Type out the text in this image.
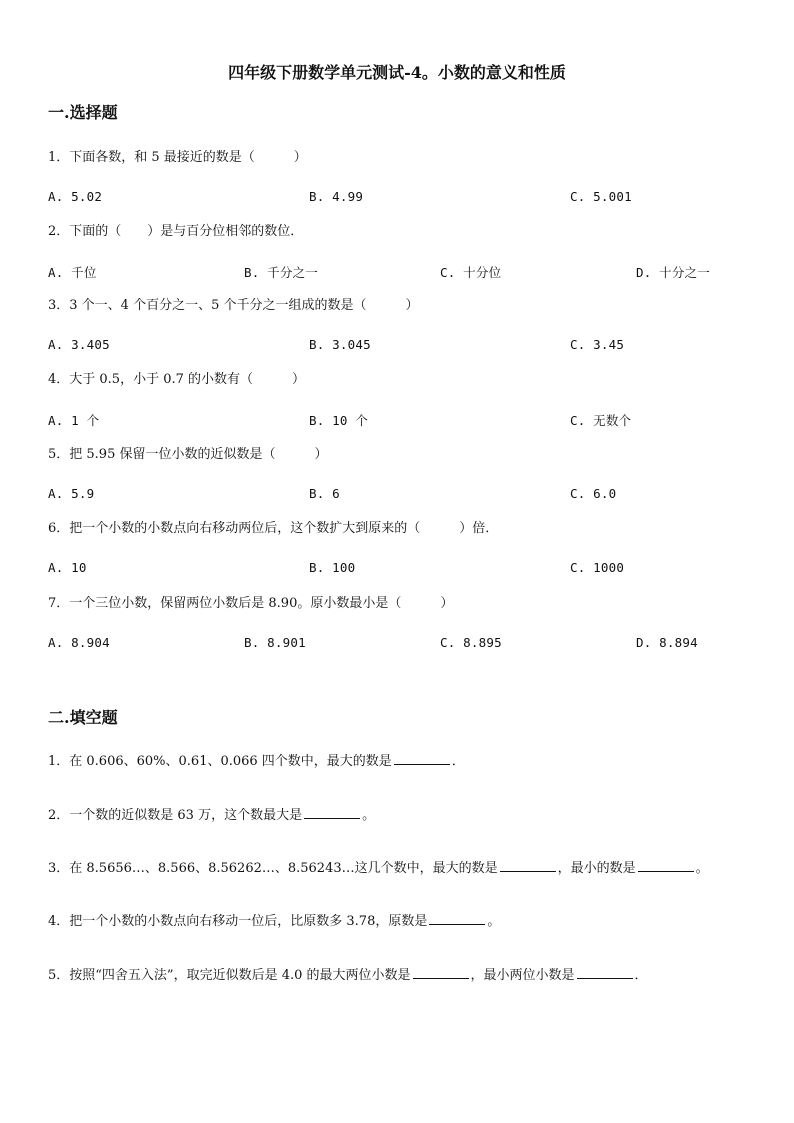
四年级下册数学单元测试-4。小数的意义和性质
一.选择题
1．下面各数，和 5 最接近的数是（　　　）
A. 5.02	B. 4.99	C. 5.001
2．下面的（　　）是与百分位相邻的数位．
A. 千位	B. 千分之一	C. 十分位	D. 十分之一
3．3 个一、4 个百分之一、5 个千分之一组成的数是（　　　）
A. 3.405	B. 3.045	C. 3.45
4．大于 0.5，小于 0.7 的小数有（　　　）
A. 1 个	B. 10 个	C. 无数个
5．把 5.95 保留一位小数的近似数是（　　　）
A. 5.9	B. 6	C. 6.0
6．把一个小数的小数点向右移动两位后，这个数扩大到原来的（　　　）倍．
A. 10	B. 100	C. 1000
7．一个三位小数，保留两位小数后是 8.90。原小数最小是（　　　）
A. 8.904	B. 8.901	C. 8.895	D. 8.894
二.填空题
1．在 0.606、60%、0.61、0.066 四个数中，最大的数是	．
2．一个数的近似数是 63 万，这个数最大是	。
3．在 8.5656…、8.566、8.56262…、8.56243…这几个数中，最大的数是	，最小的数是	。
4．把一个小数的小数点向右移动一位后，比原数多 3.78，原数是	。
5．按照“四舍五入法”，取完近似数后是 4.0 的最大两位小数是	，最小两位小数是	．
